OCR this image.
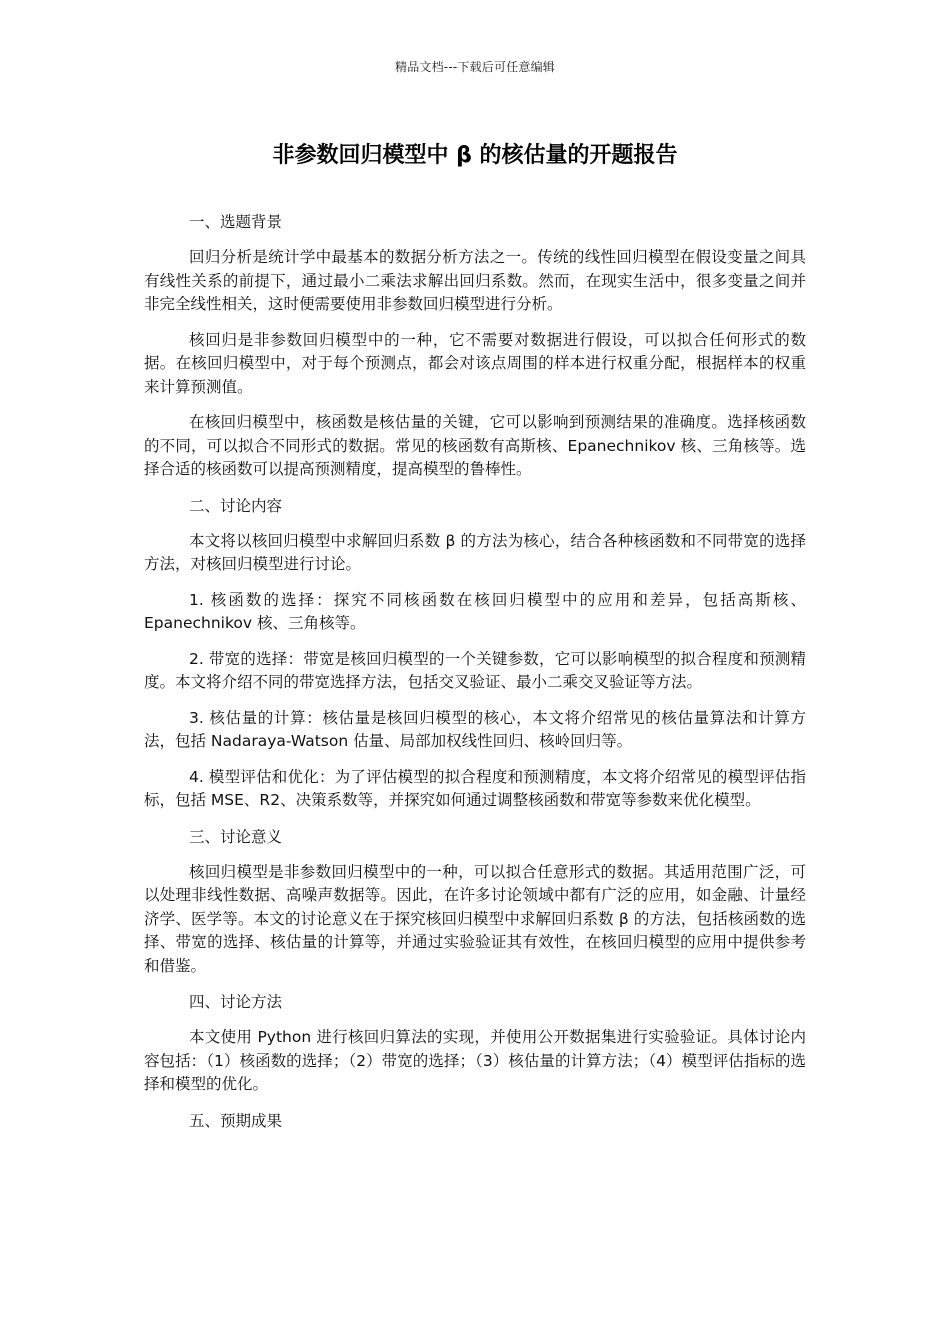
精品文档---下载后可任意编辑
非参数回归模型中 β 的核估量的开题报告

一、选题背景

回归分析是统计学中最基本的数据分析方法之一。传统的线性回归模型在假设变量之间具有线性关系的前提下，通过最小二乘法求解出回归系数。然而，在现实生活中，很多变量之间并非完全线性相关，这时便需要使用非参数回归模型进行分析。

核回归是非参数回归模型中的一种，它不需要对数据进行假设，可以拟合任何形式的数据。在核回归模型中，对于每个预测点，都会对该点周围的样本进行权重分配，根据样本的权重来计算预测值。

在核回归模型中，核函数是核估量的关键，它可以影响到预测结果的准确度。选择核函数的不同，可以拟合不同形式的数据。常见的核函数有高斯核、Epanechnikov 核、三角核等。选择合适的核函数可以提高预测精度，提高模型的鲁棒性。

二、讨论内容

本文将以核回归模型中求解回归系数 β 的方法为核心，结合各种核函数和不同带宽的选择方法，对核回归模型进行讨论。

1. 核函数的选择：探究不同核函数在核回归模型中的应用和差异，包括高斯核、Epanechnikov 核、三角核等。

2. 带宽的选择：带宽是核回归模型的一个关键参数，它可以影响模型的拟合程度和预测精度。本文将介绍不同的带宽选择方法，包括交叉验证、最小二乘交叉验证等方法。

3. 核估量的计算：核估量是核回归模型的核心，本文将介绍常见的核估量算法和计算方法，包括 Nadaraya-Watson 估量、局部加权线性回归、核岭回归等。

4. 模型评估和优化：为了评估模型的拟合程度和预测精度，本文将介绍常见的模型评估指标，包括 MSE、R2、决策系数等，并探究如何通过调整核函数和带宽等参数来优化模型。

三、讨论意义

核回归模型是非参数回归模型中的一种，可以拟合任意形式的数据。其适用范围广泛，可以处理非线性数据、高噪声数据等。因此，在许多讨论领域中都有广泛的应用，如金融、计量经济学、医学等。本文的讨论意义在于探究核回归模型中求解回归系数 β 的方法，包括核函数的选择、带宽的选择、核估量的计算等，并通过实验验证其有效性，在核回归模型的应用中提供参考和借鉴。

四、讨论方法

本文使用 Python 进行核回归算法的实现，并使用公开数据集进行实验验证。具体讨论内容包括：（1）核函数的选择；（2）带宽的选择；（3）核估量的计算方法；（4）模型评估指标的选择和模型的优化。

五、预期成果
